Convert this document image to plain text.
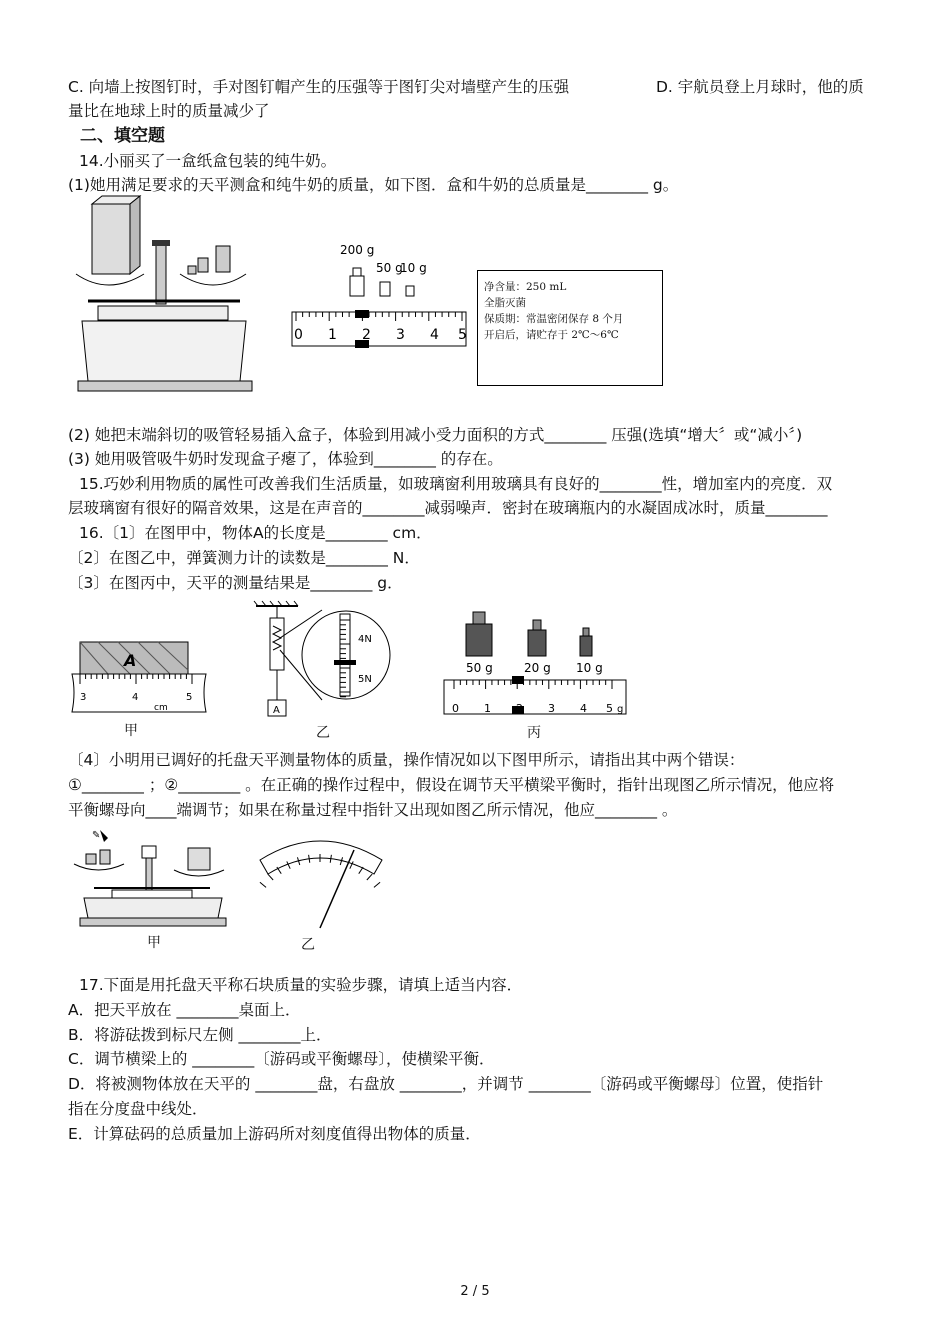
C. 向墙上按图钉时，手对图钉帽产生的压强等于图钉尖对墙壁产生的压强	D. 宇航员登上月球时，他的质
量比在地球上时的质量减少了
二、填空题
14.小丽买了一盒纸盒包装的纯牛奶。
(1)她用满足要求的天平测盒和纯牛奶的质量，如下图．盒和牛奶的总质量是________ g。
200 g
50 g
10 g
0 1 2 3 4 5
净含量：250 mL
全脂灭菌
保质期：常温密闭保存 8 个月
开启后，请贮存于 2℃～6℃
(2) 她把末端斜切的吸管轻易插入盒子，体验到用减小受力面积的方式________ 压强(选填“增大〞或“减小〞)
(3) 她用吸管吸牛奶时发现盒子瘪了，体验到________ 的存在。
15.巧妙利用物质的属性可改善我们生活质量，如玻璃窗利用玻璃具有良好的________性，增加室内的亮度．双
层玻璃窗有很好的隔音效果，这是在声音的________减弱噪声．密封在玻璃瓶内的水凝固成冰时，质量________
16.〔1〕在图甲中，物体A的长度是________ cm．
〔2〕在图乙中，弹簧测力计的读数是________ N．
〔3〕在图丙中，天平的测量结果是________ g．
A
3	4	5
cm
甲
A
4N
5N
乙
50 g	20 g 10 g
0 1 2 3 4 5 g
丙
〔4〕小明用已调好的托盘天平测量物体的质量，操作情况如以下图甲所示，请指出其中两个错误：
①________ ；②________ 。在正确的操作过程中，假设在调节天平横梁平衡时，指针出现图乙所示情况，他应将
平衡螺母向____端调节；如果在称量过程中指针又出现如图乙所示情况，他应________ 。
✎
甲	乙
17.下面是用托盘天平称石块质量的实验步骤，请填上适当内容．
A．把天平放在 ________桌面上．
B．将游砝拨到标尺左侧 ________上．
C．调节横梁上的 ________〔游码或平衡螺母〕，使横梁平衡．
D．将被测物体放在天平的 ________盘，右盘放 ________，并调节 ________〔游码或平衡螺母〕位置，使指针
指在分度盘中线处．
E．计算砝码的总质量加上游码所对刻度值得出物体的质量．
2 / 5
